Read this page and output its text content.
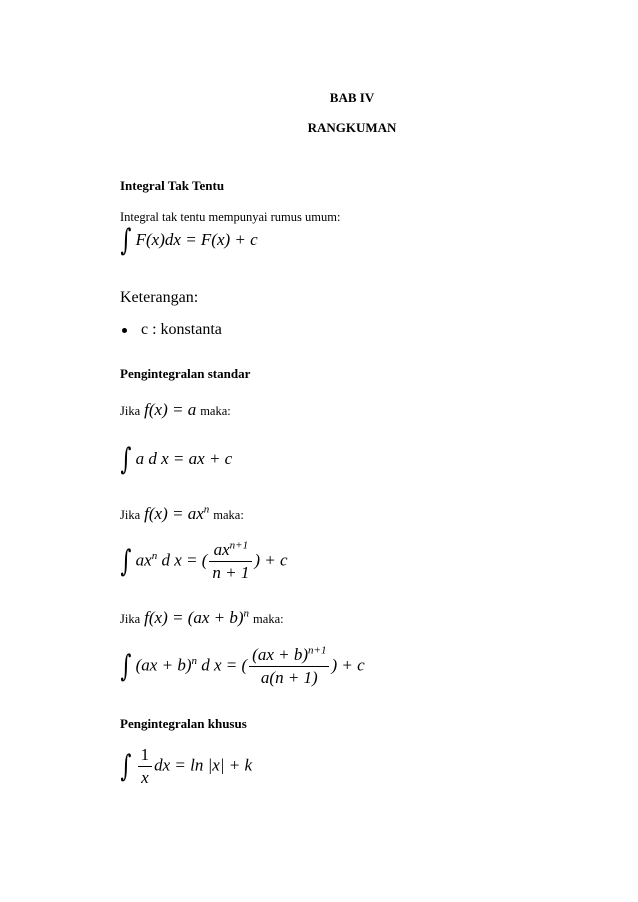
BAB IV
RANGKUMAN
Integral Tak Tentu
Integral tak tentu mempunyai rumus umum:
∫ F(x)dx = F(x) + c
Keterangan:
c : konstanta
Pengintegralan standar
Jika f(x) = a maka:
∫ a d x = ax + c
Jika $f(x) = ax^n$ maka:
∫ $ax^n$ d x = ( $\frac{ax^{n+1}}{n + 1}$ ) + c
Jika f(x) = (ax + b)$^n$ maka:
∫ (ax + b)$^n$ d x = ( $\frac{(ax + b)^{n+1}}{a(n + 1)}$ ) + c
Pengintegralan khusus
∫ $\frac{1}{x}$ dx = ln |x| + k
